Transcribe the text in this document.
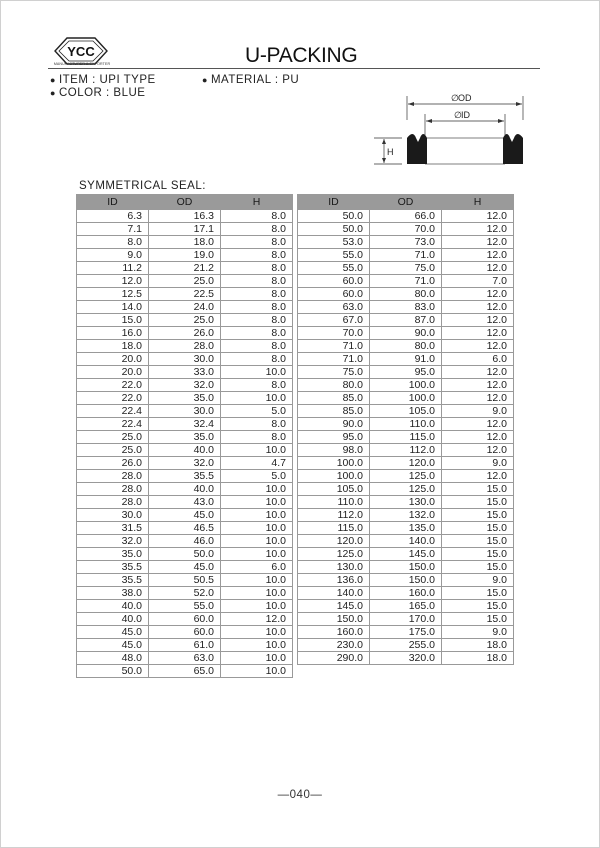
YCC
MANUFACTURER & EXPORTER	U-PACKING
● ITEM : UPI TYPE	● MATERIAL : PU
● COLOR : BLUE	∅ OD
∅ ID
H
SYMMETRICAL SEAL:
ID	OD	H
6.3	16.3	8.0
7.1	17.1	8.0
8.0	18.0	8.0
9.0	19.0	8.0
11.2	21.2	8.0
12.0	25.0	8.0
12.5	22.5	8.0
14.0	24.0	8.0
15.0	25.0	8.0
16.0	26.0	8.0
18.0	28.0	8.0
20.0	30.0	8.0
20.0	33.0	10.0
22.0	32.0	8.0
22.0	35.0	10.0
22.4	30.0	5.0
22.4	32.4	8.0
25.0	35.0	8.0
25.0	40.0	10.0
26.0	32.0	4.7
28.0	35.5	5.0
28.0	40.0	10.0
28.0	43.0	10.0
30.0	45.0	10.0
31.5	46.5	10.0
32.0	46.0	10.0
35.0	50.0	10.0
35.5	45.0	6.0
35.5	50.5	10.0
38.0	52.0	10.0
40.0	55.0	10.0
40.0	60.0	12.0
45.0	60.0	10.0
45.0	61.0	10.0
48.0	63.0	10.0
50.0	65.0	10.0
ID	OD	H
50.0	66.0	12.0
50.0	70.0	12.0
53.0	73.0	12.0
55.0	71.0	12.0
55.0	75.0	12.0
60.0	71.0	7.0
60.0	80.0	12.0
63.0	83.0	12.0
67.0	87.0	12.0
70.0	90.0	12.0
71.0	80.0	12.0
71.0	91.0	6.0
75.0	95.0	12.0
80.0	100.0	12.0
85.0	100.0	12.0
85.0	105.0	9.0
90.0	110.0	12.0
95.0	115.0	12.0
98.0	112.0	12.0
100.0	120.0	9.0
100.0	125.0	12.0
105.0	125.0	15.0
110.0	130.0	15.0
112.0	132.0	15.0
115.0	135.0	15.0
120.0	140.0	15.0
125.0	145.0	15.0
130.0	150.0	15.0
136.0	150.0	9.0
140.0	160.0	15.0
145.0	165.0	15.0
150.0	170.0	15.0
160.0	175.0	9.0
230.0	255.0	18.0
290.0	320.0	18.0
—040—
